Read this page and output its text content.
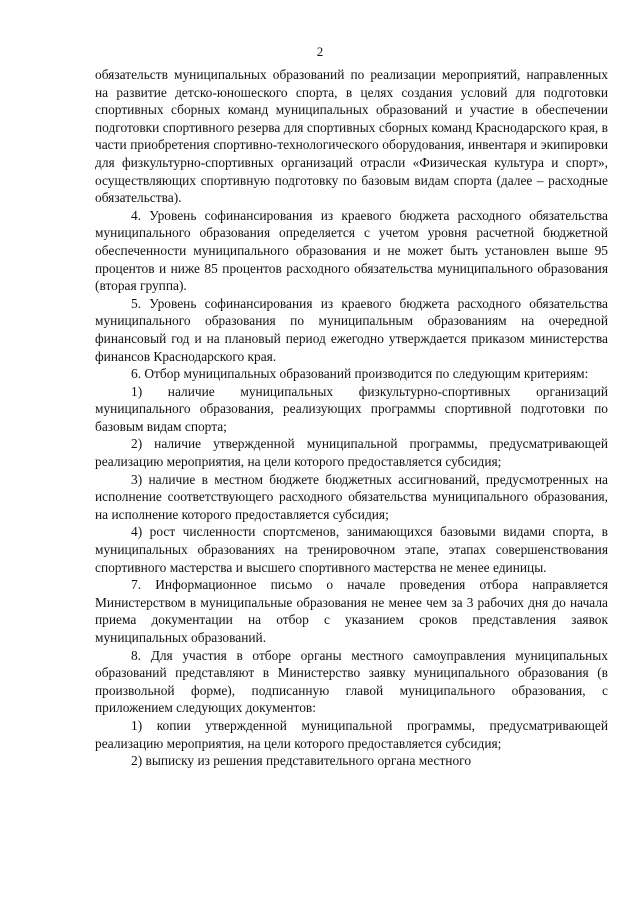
2

обязательств муниципальных образований по реализации мероприятий, направленных на развитие детско-юношеского спорта, в целях создания условий для подготовки спортивных сборных команд муниципальных образований и участие в обеспечении подготовки спортивного резерва для спортивных сборных команд Краснодарского края, в части приобретения спортивно-технологического оборудования, инвентаря и экипировки для физкультурно-спортивных организаций отрасли «Физическая культура и спорт», осуществляющих спортивную подготовку по базовым видам спорта (далее – расходные обязательства).

4. Уровень софинансирования из краевого бюджета расходного обязательства муниципального образования определяется с учетом уровня расчетной бюджетной обеспеченности муниципального образования и не может быть установлен выше 95 процентов и ниже 85 процентов расходного обязательства муниципального образования (вторая группа).

5. Уровень софинансирования из краевого бюджета расходного обязательства муниципального образования по муниципальным образованиям на очередной финансовый год и на плановый период ежегодно утверждается приказом министерства финансов Краснодарского края.

6. Отбор муниципальных образований производится по следующим критериям:

1) наличие муниципальных физкультурно-спортивных организаций муниципального образования, реализующих программы спортивной подготовки по базовым видам спорта;

2) наличие утвержденной муниципальной программы, предусматривающей реализацию мероприятия, на цели которого предоставляется субсидия;

3) наличие в местном бюджете бюджетных ассигнований, предусмотренных на исполнение соответствующего расходного обязательства муниципального образования, на исполнение которого предоставляется субсидия;

4) рост численности спортсменов, занимающихся базовыми видами спорта, в муниципальных образованиях на тренировочном этапе, этапах совершенствования спортивного мастерства и высшего спортивного мастерства не менее единицы.

7. Информационное письмо о начале проведения отбора направляется Министерством в муниципальные образования не менее чем за 3 рабочих дня до начала приема документации на отбор с указанием сроков представления заявок муниципальных образований.

8. Для участия в отборе органы местного самоуправления муниципальных образований представляют в Министерство заявку муниципального образования (в произвольной форме), подписанную главой муниципального образования, с приложением следующих документов:

1) копии утвержденной муниципальной программы, предусматривающей реализацию мероприятия, на цели которого предоставляется субсидия;

2) выписку из решения представительного органа местного
